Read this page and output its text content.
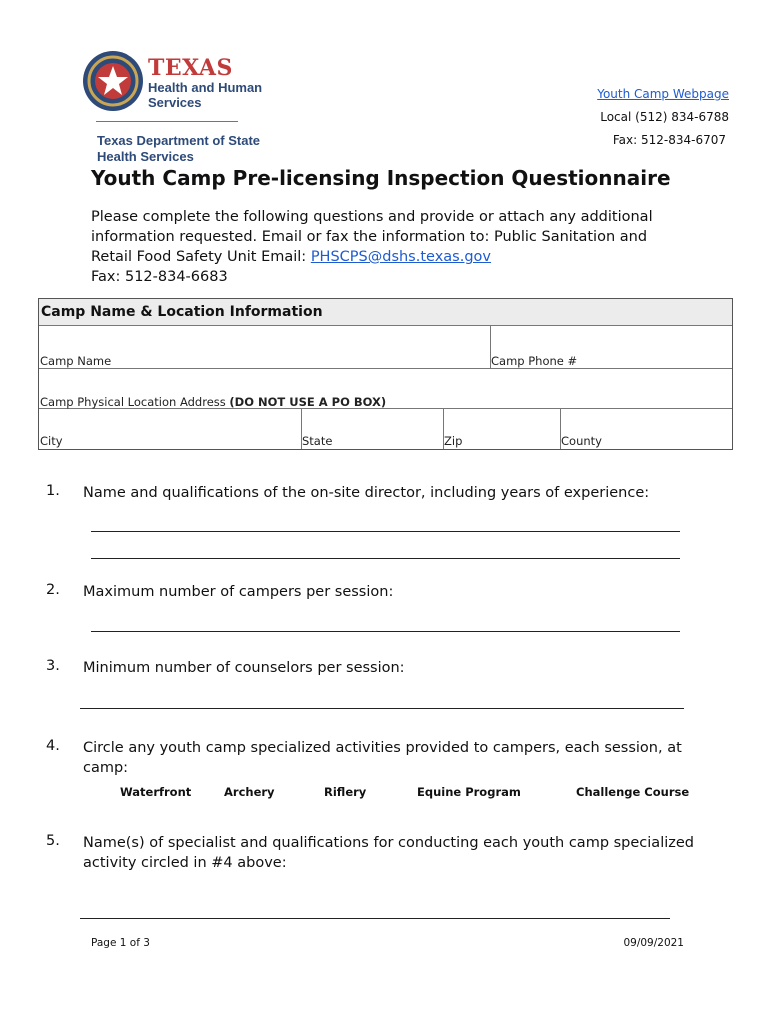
TEXAS
Health and Human
Services
Texas Department of State
Health Services
Youth Camp Webpage
Local (512) 834-6788
Fax: 512-834-6707
Youth Camp Pre-licensing Inspection Questionnaire
Please complete the following questions and provide or attach any additional information requested. Email or fax the information to: Public Sanitation and Retail Food Safety Unit Email: PHSCPS@dshs.texas.gov
Fax: 512-834-6683
Camp Name & Location Information
Camp Name	Camp Phone #
Camp Physical Location Address (DO NOT USE A PO BOX)
City	State	Zip	County
1. Name and qualifications of the on-site director, including years of experience:
2. Maximum number of campers per session:
3. Minimum number of counselors per session:
4. Circle any youth camp specialized activities provided to campers, each session, at camp:
Waterfront	Archery	Riflery	Equine Program	Challenge Course
5. Name(s) of specialist and qualifications for conducting each youth camp specialized activity circled in #4 above:
Page 1 of 3	09/09/2021
